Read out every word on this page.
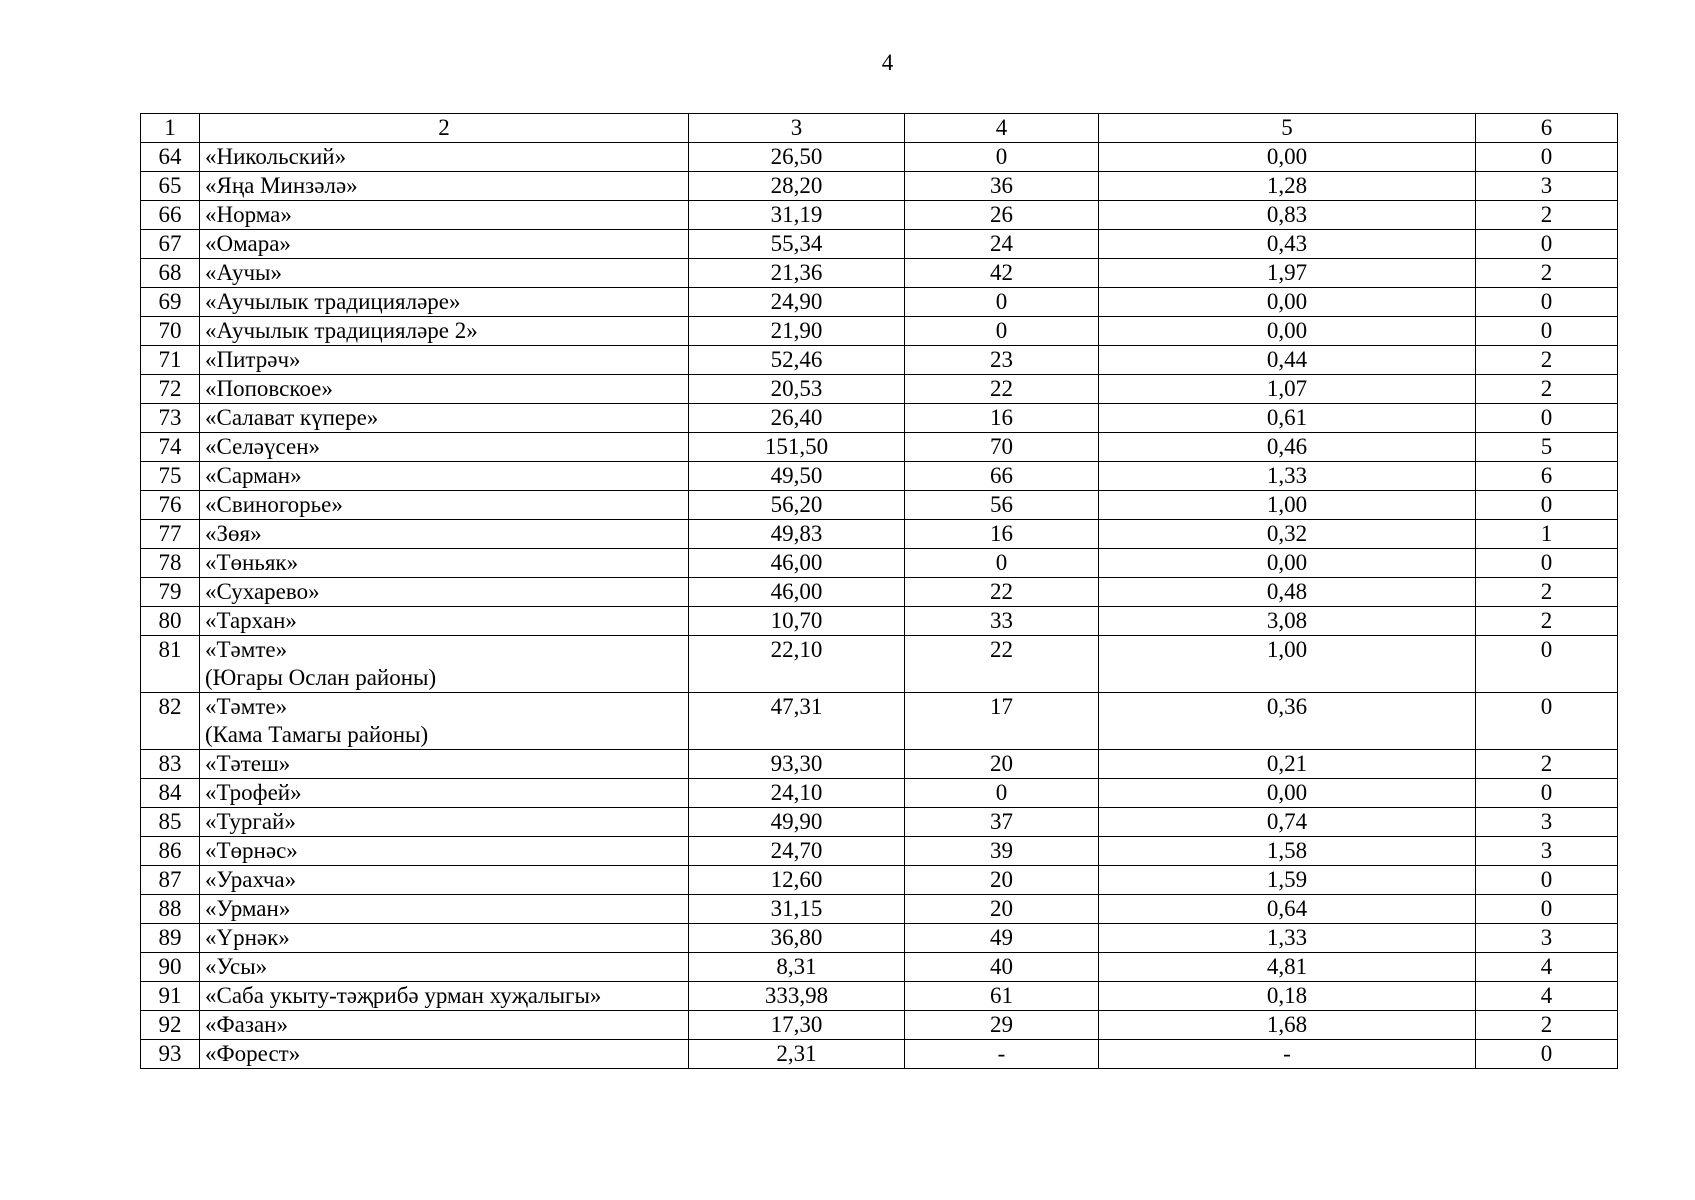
4
1	2	3	4	5	6
64	«Никольский»	26,50	0	0,00	0
65	«Яңа Минзәлә»	28,20	36	1,28	3
66	«Норма»	31,19	26	0,83	2
67	«Омара»	55,34	24	0,43	0
68	«Аучы»	21,36	42	1,97	2
69	«Аучылык традицияләре»	24,90	0	0,00	0
70	«Аучылык традицияләре 2»	21,90	0	0,00	0
71	«Питрәч»	52,46	23	0,44	2
72	«Поповское»	20,53	22	1,07	2
73	«Салават күпере»	26,40	16	0,61	0
74	«Селәүсен»	151,50	70	0,46	5
75	«Сарман»	49,50	66	1,33	6
76	«Свиногорье»	56,20	56	1,00	0
77	«Зөя»	49,83	16	0,32	1
78	«Төньяк»	46,00	0	0,00	0
79	«Сухарево»	46,00	22	0,48	2
80	«Тархан»	10,70	33	3,08	2
81	«Тәмте»
(Югары Ослан районы)	22,10	22	1,00	0
82	«Тәмте»
(Кама Тамагы районы)	47,31	17	0,36	0
83	«Тәтеш»	93,30	20	0,21	2
84	«Трофей»	24,10	0	0,00	0
85	«Тургай»	49,90	37	0,74	3
86	«Төрнәс»	24,70	39	1,58	3
87	«Урахча»	12,60	20	1,59	0
88	«Урман»	31,15	20	0,64	0
89	«Үрнәк»	36,80	49	1,33	3
90	«Усы»	8,31	40	4,81	4
91	«Саба укыту-тәҗрибә урман хуҗалыгы»	333,98	61	0,18	4
92	«Фазан»	17,30	29	1,68	2
93	«Форест»	2,31	-	-	0
